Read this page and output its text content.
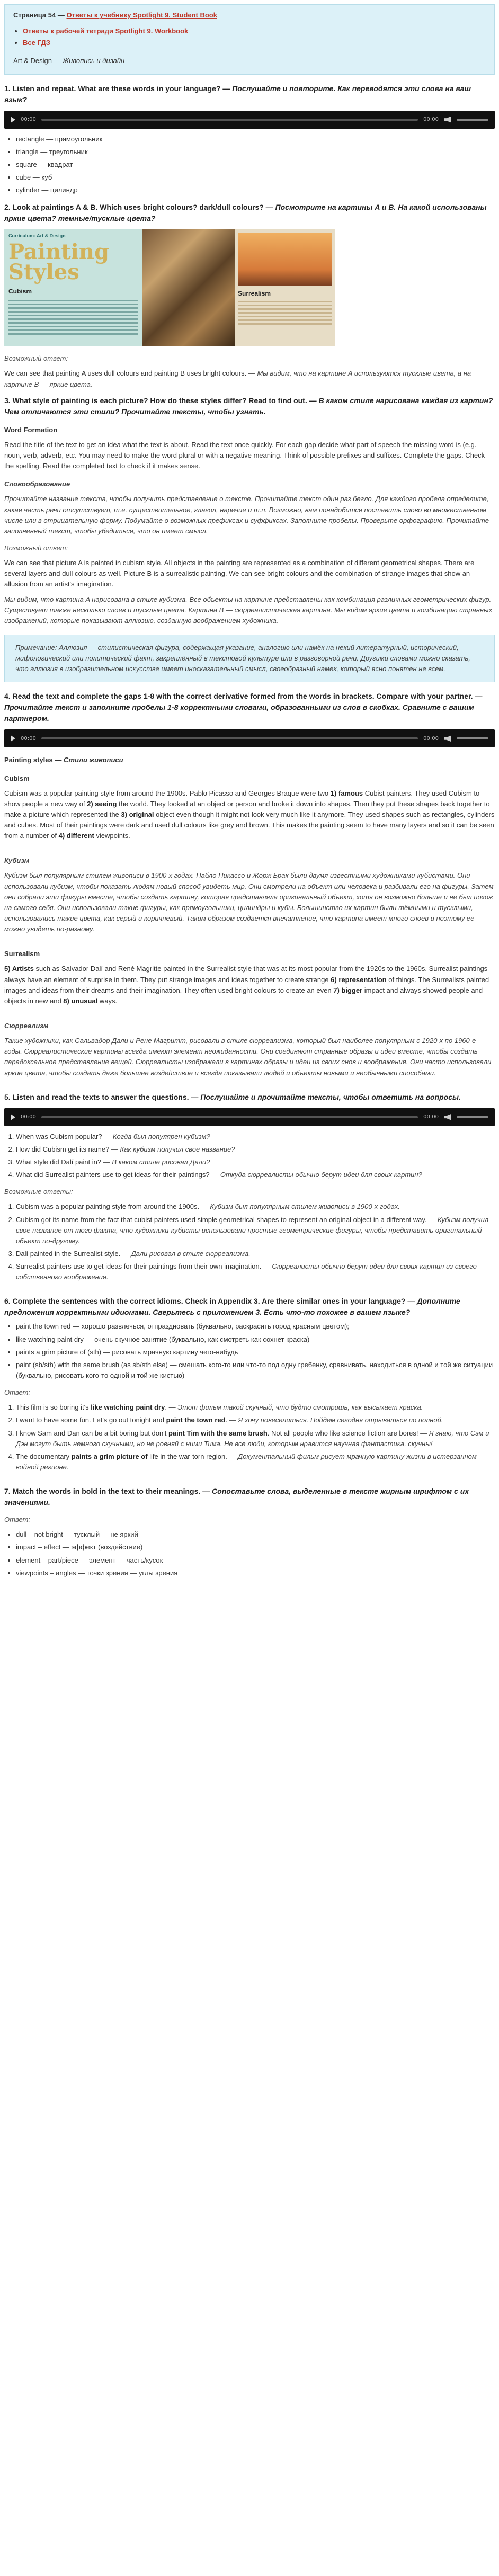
Страница 54 — Ответы к учебнику Spotlight 9. Student Book
• Ответы к рабочей тетради Spotlight 9. Workbook
• Все ГДЗ
Art & Design — Живопись и дизайн
1. Listen and repeat. What are these words in your language? — Послушайте и повторите. Как переводятся эти слова на ваш язык?
00:00	00:00
• rectangle — прямоугольник
• triangle — треугольник
• square — квадрат
• cube — куб
• cylinder — цилиндр
2. Look at paintings A & B. Which uses bright colours? dark/dull colours? — Посмотрите на картины A и B. На какой использованы яркие цвета? темные/тусклые цвета?
Curriculum: Art & Design
Painting Styles
Cubism	Surrealism
Возможный ответ:

We can see that painting A uses dull colours and painting B uses bright colours. — Мы видим, что на картине A используются тусклые цвета, а на картине B — яркие цвета.

3. What style of painting is each picture? How do these styles differ? Read to find out. — В каком стиле нарисована каждая из картин? Чем отличаются эти стили? Прочитайте тексты, чтобы узнать.
Word Formation

Read the title of the text to get an idea what the text is about. Read the text once quickly. For each gap decide what part of speech the missing word is (e.g. noun, verb, adverb, etc. You may need to make the word plural or with a negative meaning. Think of possible prefixes and suffixes. Complete the gaps. Check the spelling. Read the completed text to check if it makes sense.

Словообразование

Прочитайте название текста, чтобы получить представление о тексте. Прочитайте текст один раз бегло. Для каждого пробела определите, какая часть речи отсутствует, т.е. существительное, глагол, наречие и т.п. Возможно, вам понадобится поставить слово во множественном числе или в отрицательную форму. Подумайте о возможных префиксах и суффиксах. Заполните пробелы. Проверьте орфографию. Прочитайте заполненный текст, чтобы убедиться, что он имеет смысл.

Возможный ответ:

We can see that picture A is painted in cubism style. All objects in the painting are represented as a combination of different geometrical shapes. There are several layers and dull colours as well. Picture B is a surrealistic painting. We can see bright colours and the combination of strange images that show an allusion from an artist's imagination.

Мы видим, что картина A нарисована в стиле кубизма. Все объекты на картине представлены как комбинация различных геометрических фигур. Существует также несколько слоев и тусклые цвета. Картина B — сюрреалистическая картина. Мы видим яркие цвета и комбинацию странных изображений, которые показывают аллюзию, созданную воображением художника.

Примечание: Аллюзия — стилистическая фигура, содержащая указание, аналогию или намёк на некий литературный, исторический, мифологический или политический факт, закреплённый в текстовой культуре или в разговорной речи. Другими словами можно сказать, что аллюзия в изобразительном искусстве имеет иносказательный смысл, своеобразный намек, который ясно понятен не всем.
4. Read the text and complete the gaps 1-8 with the correct derivative formed from the words in brackets. Compare with your partner. — Прочитайте текст и заполните пробелы 1-8 корректными словами, образованными из слов в скобках. Сравните с вашим партнером.
00:00	00:00
Painting styles — Стили живописи
Cubism

Cubism was a popular painting style from around the 1900s. Pablo Picasso and Georges Braque were two 1) famous Cubist painters. They used Cubism to show people a new way of 2) seeing the world. They looked at an object or person and broke it down into shapes. Then they put these shapes back together to make a picture which represented the 3) original object even though it might not look very much like it anymore. They used shapes such as rectangles, cylinders and cubes. Most of their paintings were dark and used dull colours like grey and brown. This makes the painting seem to have many layers and so it can be seen from a number of 4) different viewpoints.

Кубизм

Кубизм был популярным стилем живописи в 1900-х годах. Пабло Пикассо и Жорж Брак были двумя известными художниками-кубистами. Они использовали кубизм, чтобы показать людям новый способ увидеть мир. Они смотрели на объект или человека и разбивали его на фигуры. Затем они собрали эти фигуры вместе, чтобы создать картину, которая представляла оригинальный объект, хотя он возможно больше и не был похож на самого себя. Они использовали такие фигуры, как прямоугольники, цилиндры и кубы. Большинство их картин были тёмными и тусклыми, использовались такие цвета, как серый и коричневый. Таким образом создается впечатление, что картина имеет много слоев и поэтому ее можно увидеть по-разному.

Surrealism

5) Artists such as Salvador Dalí and René Magritte painted in the Surrealist style that was at its most popular from the 1920s to the 1960s. Surrealist paintings always have an element of surprise in them. They put strange images and ideas together to create strange 6) representation of things. The Surrealists painted images and ideas from their dreams and their imagination. They often used bright colours to create an even 7) bigger impact and always showed people and objects in new and 8) unusual ways.

Сюрреализм

Такие художники, как Сальвадор Дали и Рене Магритт, рисовали в стиле сюрреализма, который был наиболее популярным с 1920-х по 1960-е годы. Сюрреалистические картины всегда имеют элемент неожиданности. Они соединяют странные образы и идеи вместе, чтобы создать парадоксальное представление вещей. Сюрреалисты изображали в картинах образы и идеи из своих снов и воображения. Они часто использовали яркие цвета, чтобы создать даже большее воздействие и всегда показывали людей и объекты новыми и необычными способами.

5. Listen and read the texts to answer the questions. — Послушайте и прочитайте тексты, чтобы ответить на вопросы.
00:00	00:00
1. When was Cubism popular? — Когда был популярен кубизм?
2. How did Cubism get its name? — Как кубизм получил свое название?
3. What style did Dalí paint in? — В каком стиле рисовал Дали?
4. What did Surrealist painters use to get ideas for their paintings? — Откуда сюрреалисты обычно берут идеи для своих картин?
Возможные ответы:
1. Cubism was a popular painting style from around the 1900s. — Кубизм был популярным стилем живописи в 1900-х годах.
2. Cubism got its name from the fact that cubist painters used simple geometrical shapes to represent an original object in a different way. — Кубизм получил свое название от того факта, что художники-кубисты использовали простые геометрические фигуры, чтобы представить оригинальный объект по-другому.
3. Dalí painted in the Surrealist style. — Дали рисовал в стиле сюрреализма.
4. Surrealist painters use to get ideas for their paintings from their own imagination. — Сюрреалисты обычно берут идеи для своих картин из своего собственного воображения.
6. Complete the sentences with the correct idioms. Check in Appendix 3. Are there similar ones in your language? — Дополните предложения корректными идиомами. Сверьтесь с приложением 3. Есть что-то похожее в вашем языке?
• paint the town red — хорошо развлечься, отпраздновать (буквально, раскрасить город красным цветом);
• like watching paint dry — очень скучное занятие (буквально, как смотреть как сохнет краска)
• paints a grim picture of (sth) — рисовать мрачную картину чего-нибудь
• paint (sb/sth) with the same brush (as sb/sth else) — смешать кого-то или что-то под одну гребенку, сравнивать, находиться в одной и той же ситуации (буквально, рисовать кого-то одной и той же кистью)
Ответ:
1. This film is so boring it's like watching paint dry. — Этот фильм такой скучный, что будто смотришь, как высыхает краска.
2. I want to have some fun. Let's go out tonight and paint the town red. — Я хочу повеселиться. Пойдем сегодня отрываться по полной.
3. I know Sam and Dan can be a bit boring but don't paint Tim with the same brush. Not all people who like science fiction are bores! — Я знаю, что Сэм и Дэн могут быть немного скучными, но не ровняй с ними Тима. Не все люди, которым нравится научная фантастика, скучны!
4. The documentary paints a grim picture of life in the war-torn region. — Документальный фильм рисует мрачную картину жизни в истерзанном войной регионе.
7. Match the words in bold in the text to their meanings. — Сопоставьте слова, выделенные в тексте жирным шрифтом с их значениями.
Ответ:
• dull – not bright — тусклый — не яркий
• impact – effect — эффект (воздействие)
• element – part/piece — элемент — часть/кусок
• viewpoints – angles — точки зрения — углы зрения
